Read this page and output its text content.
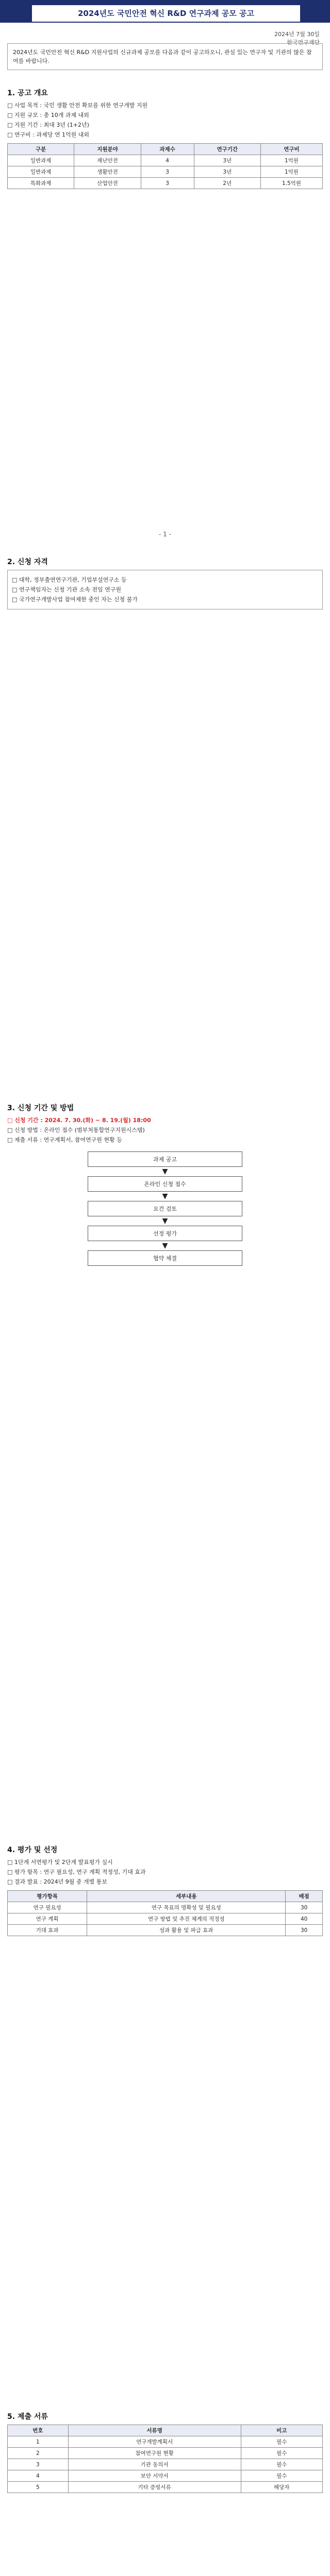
2024년도 국민안전 혁신 R&D 연구과제 공모 공고
2024년 7월 30일
한국연구재단
2024년도 국민안전 혁신 R&D 지원사업의 신규과제 공모를 다음과 같이 공고하오니, 관심 있는 연구자 및 기관의 많은 참여를 바랍니다.
1. 공고 개요
□ 사업 목적 : 국민 생활 안전 확보를 위한 연구개발 지원
□ 지원 규모 : 총 10개 과제 내외
□ 지원 기간 : 최대 3년 (1+2년)
□ 연구비 : 과제당 연 1억원 내외
구분	지원분야	과제수	연구기간	연구비
일반과제	재난안전	4	3년	1억원
일반과제	생활안전	3	3년	1억원
특화과제	산업안전	3	2년	1.5억원
- 1 -
2. 신청 자격
□ 대학, 정부출연연구기관, 기업부설연구소 등
□ 연구책임자는 신청 기관 소속 전임 연구원
□ 국가연구개발사업 참여제한 중인 자는 신청 불가
3. 신청 기간 및 방법
□ 신청 기간 : 2024. 7. 30.(화) ~ 8. 19.(월) 18:00
□ 신청 방법 : 온라인 접수 (범부처통합연구지원시스템)
□ 제출 서류 : 연구계획서, 참여연구원 현황 등
과제 공고
▼
온라인 신청 접수
▼
요건 검토
▼
선정 평가
▼
협약 체결
4. 평가 및 선정
□ 1단계 서면평가 및 2단계 발표평가 실시
□ 평가 항목 : 연구 필요성, 연구 계획 적정성, 기대 효과
□ 결과 발표 : 2024년 9월 중 개별 통보
평가항목	세부내용	배점
연구 필요성	연구 목표의 명확성 및 필요성	30
연구 계획	연구 방법 및 추진 체계의 적정성	40
기대 효과	성과 활용 및 파급 효과	30
5. 제출 서류
번호	서류명	비고
1	연구개발계획서	필수
2	참여연구원 현황	필수
3	기관 동의서	필수
4	보안 서약서	필수
5	기타 증빙서류	해당자
